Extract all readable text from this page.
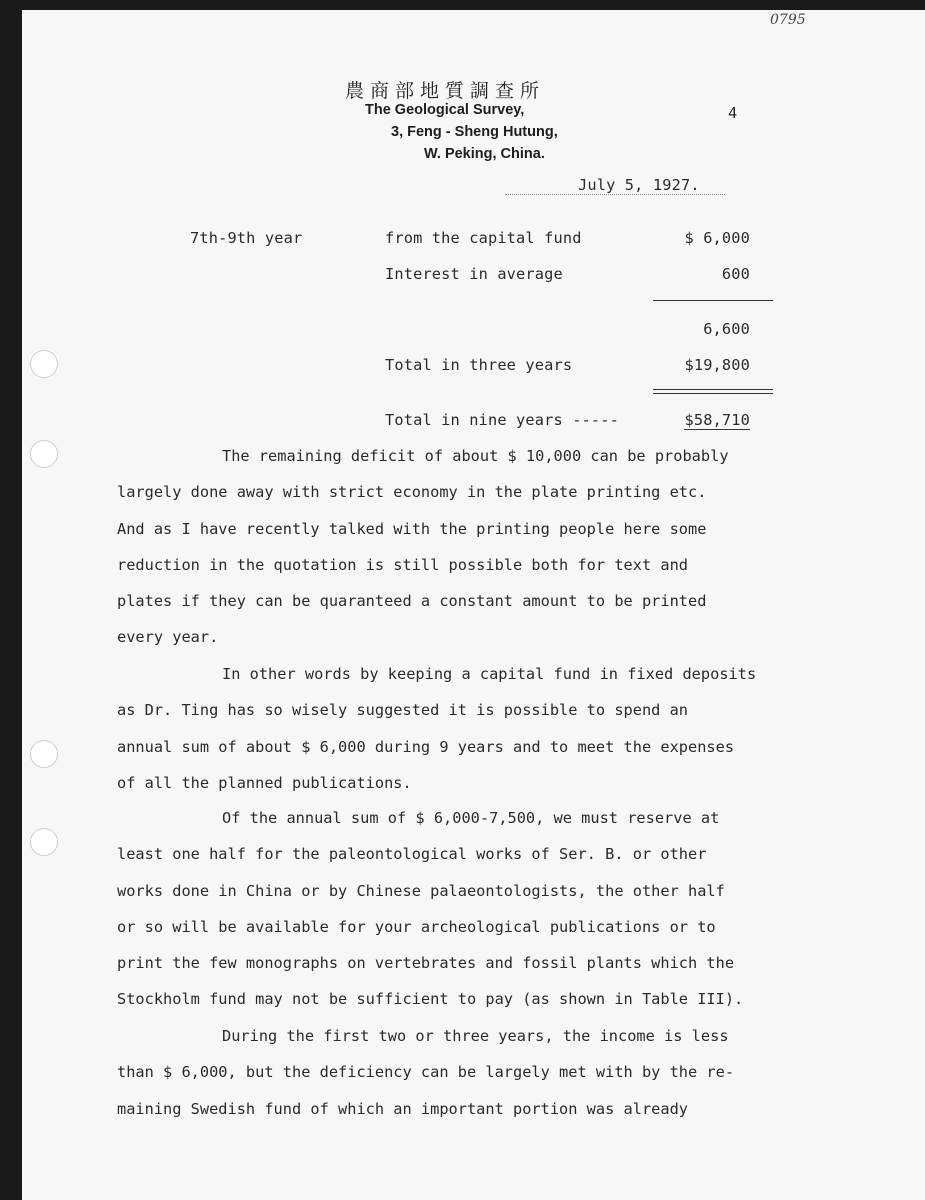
0795
農商部地質調查所
The Geological Survey,
3, Feng - Sheng Hutung,
W. Peking, China.
4
July 5, 1927.
7th-9th year	from the capital fund	$ 6,000
Interest in average	600
6,600
Total in three years	$19,800
Total in nine years -----	$58,710
The remaining deficit of about $ 10,000 can be probably
largely done away with strict economy in the plate printing etc.
And as I have recently talked with the printing people here some
reduction in the quotation is still possible both for text and
plates if they can be quaranteed a constant amount to be printed
every year.
In other words by keeping a capital fund in fixed deposits
as Dr. Ting has so wisely suggested it is possible to spend an
annual sum of about $ 6,000 during 9 years and to meet the expenses
of all the planned publications.
Of the annual sum of $ 6,000-7,500, we must reserve at
least one half for the paleontological works of Ser. B. or other
works done in China or by Chinese palaeontologists, the other half
or so will be available for your archeological publications or to
print the few monographs on vertebrates and fossil plants which the
Stockholm fund may not be sufficient to pay (as shown in Table III).
During the first two or three years, the income is less
than $ 6,000, but the deficiency can be largely met with by the re-
maining Swedish fund of which an important portion was already
